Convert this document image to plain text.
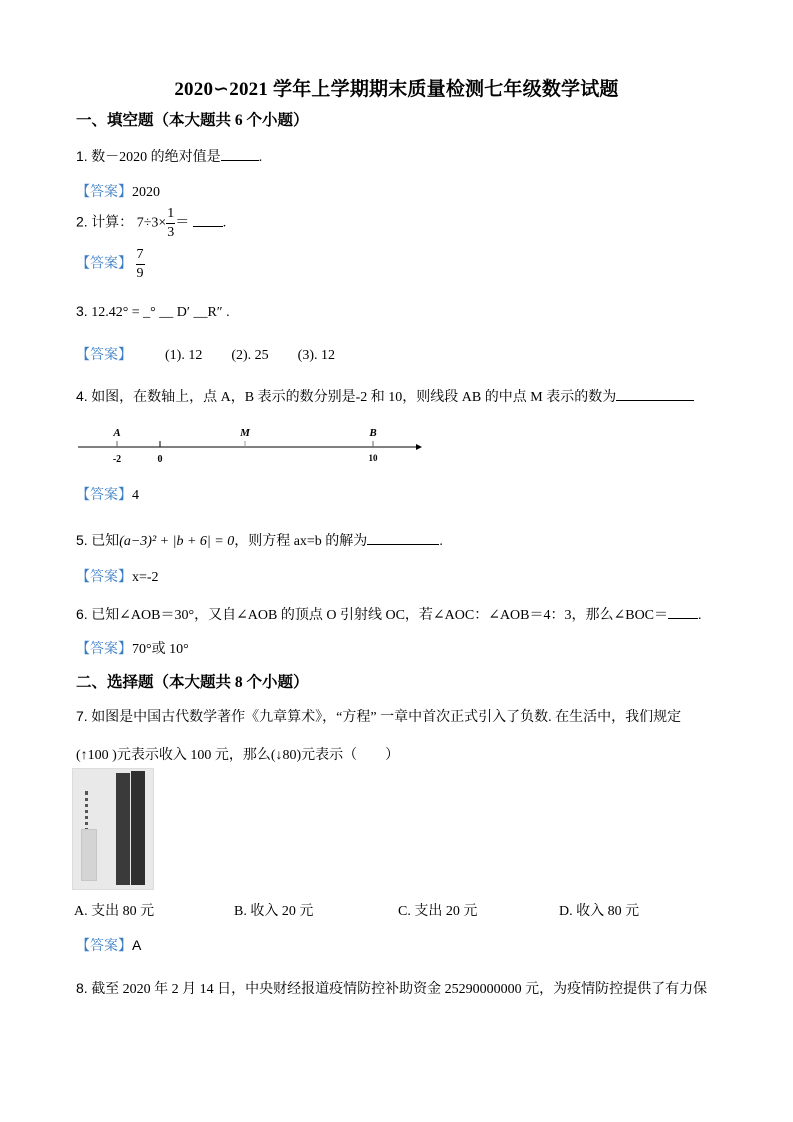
2020∽2021 学年上学期期末质量检测七年级数学试题
一、填空题（本大题共 6 个小题）
1. 数－2020 的绝对值是	.
【答案】2020
2. 计算： $7\div 3\times \frac{1}{3}$ ＝ .
【答案】 $\frac{7}{9}$
3. 12.42° = _° __ D′ __R″ .
【答案】 (1). 12 (2). 25 (3). 12
4. 如图，在数轴上，点 A，B 表示的数分别是-2 和 10，则线段 AB 的中点 M 表示的数为
A	M	B
-2	0	10
【答案】4
5. 已知(a−3)² + |b + 6| = 0，则方程 ax=b 的解为	.
【答案】x=-2
6. 已知∠AOB＝30°，又自∠AOB 的顶点 O 引射线 OC，若∠AOC：∠AOB＝4：3，那么∠BOC＝ .
【答案】70°或 10°
二、选择题（本大题共 8 个小题）
7. 如图是中国古代数学著作《九章算术》，“方程” 一章中首次正式引入了负数. 在生活中，我们规定
(↑100 )元表示收入 100 元，那么(↓80)元表示（　　）
A. 支出 80 元	B. 收入 20 元	C. 支出 20 元	D. 收入 80 元
【答案】A
8. 截至 2020 年 2 月 14 日，中央财经报道疫情防控补助资金 25290000000 元，为疫情防控提供了有力保
